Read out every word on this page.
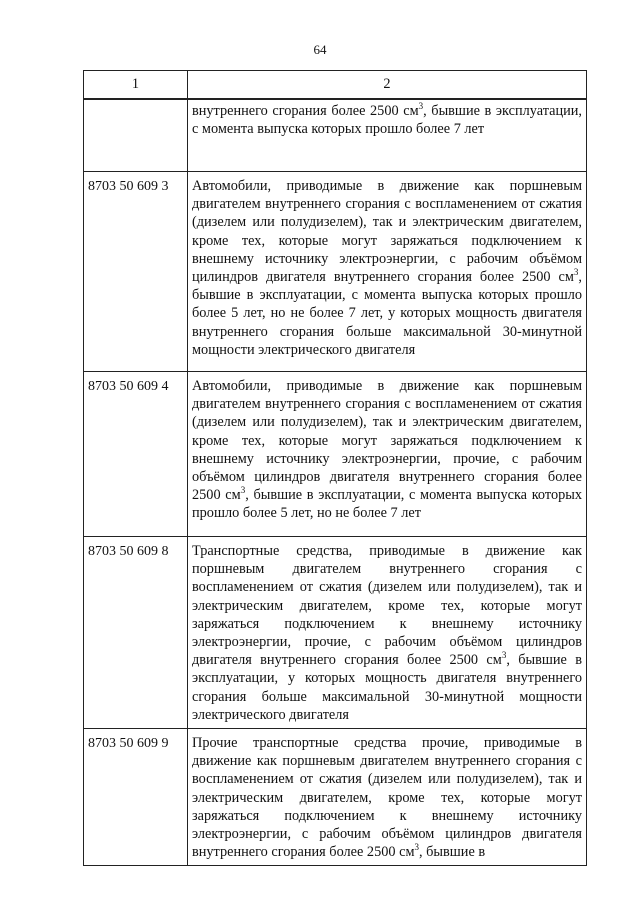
64
1	2
	внутреннего сгорания более 2500 $см^3$, бывшие в эксплуатации, с момента выпуска которых прошло более 7 лет
8703 50 609 3	Автомобили, приводимые в движение как поршневым двигателем внутреннего сгорания с воспламенением от сжатия (дизелем или полудизелем), так и электрическим двигателем, кроме тех, которые могут заряжаться подключением к внешнему источнику электроэнергии, с рабочим объёмом цилиндров двигателя внутреннего сгорания более 2500 $см^3$, бывшие в эксплуатации, с момента выпуска которых прошло более 5 лет, но не более 7 лет, у которых мощность двигателя внутреннего сгорания больше максимальной 30-минутной мощности электрического двигателя
8703 50 609 4	Автомобили, приводимые в движение как поршневым двигателем внутреннего сгорания с воспламенением от сжатия (дизелем или полудизелем), так и электрическим двигателем, кроме тех, которые могут заряжаться подключением к внешнему источнику электроэнергии, прочие, с рабочим объёмом цилиндров двигателя внутреннего сгорания более 2500 $см^3$, бывшие в эксплуатации, с момента выпуска которых прошло более 5 лет, но не более 7 лет
8703 50 609 8	Транспортные средства, приводимые в движение как поршневым двигателем внутреннего сгорания с воспламенением от сжатия (дизелем или полудизелем), так и электрическим двигателем, кроме тех, которые могут заряжаться подключением к внешнему источнику электроэнергии, прочие, с рабочим объёмом цилиндров двигателя внутреннего сгорания более 2500 $см^3$, бывшие в эксплуатации, у которых мощность двигателя внутреннего сгорания больше максимальной 30-минутной мощности электрического двигателя
8703 50 609 9	Прочие транспортные средства прочие, приводимые в движение как поршневым двигателем внутреннего сгорания с воспламенением от сжатия (дизелем или полудизелем), так и электрическим двигателем, кроме тех, которые могут заряжаться подключением к внешнему источнику электроэнергии, с рабочим объёмом цилиндров двигателя внутреннего сгорания более 2500 $см^3$, бывшие в
